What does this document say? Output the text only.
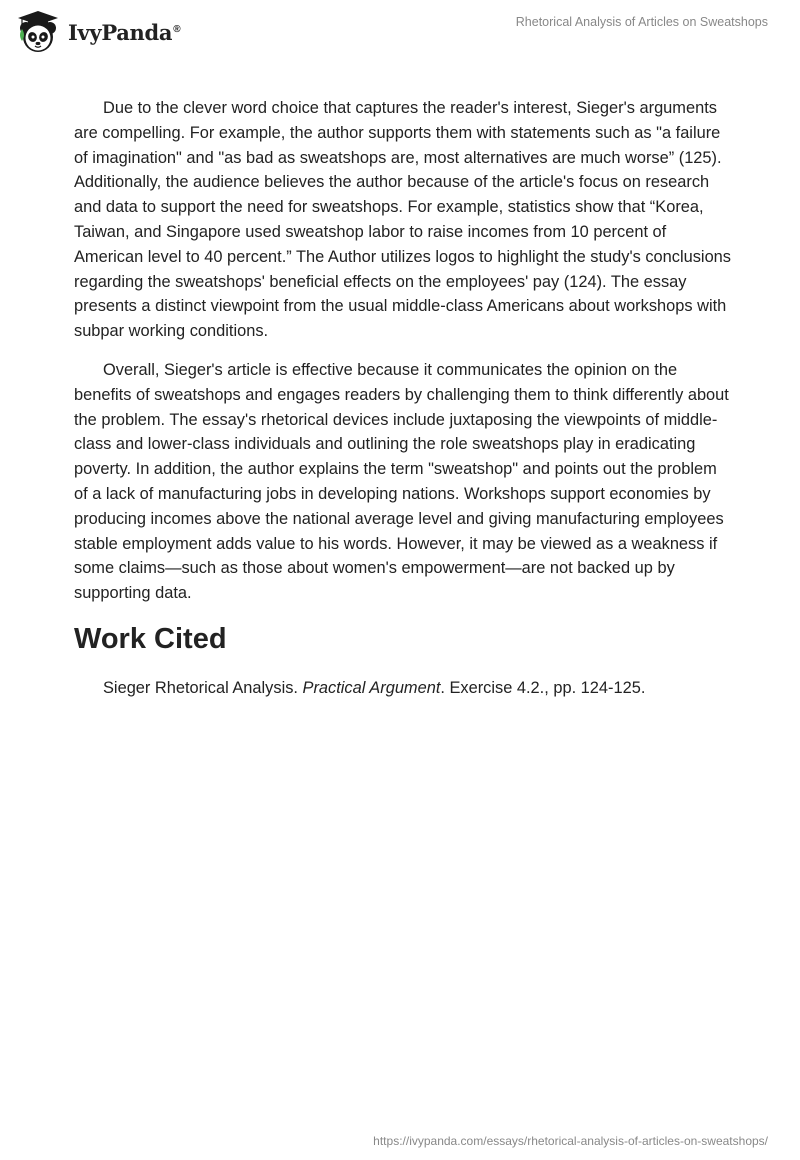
IvyPanda®	Rhetorical Analysis of Articles on Sweatshops

Due to the clever word choice that captures the reader's interest, Sieger's arguments are compelling. For example, the author supports them with statements such as "a failure of imagination" and "as bad as sweatshops are, most alternatives are much worse” (125). Additionally, the audience believes the author because of the article's focus on research and data to support the need for sweatshops. For example, statistics show that “Korea, Taiwan, and Singapore used sweatshop labor to raise incomes from 10 percent of American level to 40 percent.” The Author utilizes logos to highlight the study's conclusions regarding the sweatshops' beneficial effects on the employees' pay (124). The essay presents a distinct viewpoint from the usual middle-class Americans about workshops with subpar working conditions.

Overall, Sieger's article is effective because it communicates the opinion on the benefits of sweatshops and engages readers by challenging them to think differently about the problem. The essay's rhetorical devices include juxtaposing the viewpoints of middle-class and lower-class individuals and outlining the role sweatshops play in eradicating poverty. In addition, the author explains the term "sweatshop" and points out the problem of a lack of manufacturing jobs in developing nations. Workshops support economies by producing incomes above the national average level and giving manufacturing employees stable employment adds value to his words. However, it may be viewed as a weakness if some claims—such as those about women's empowerment—are not backed up by supporting data.

Work Cited

Sieger Rhetorical Analysis. Practical Argument. Exercise 4.2., pp. 124-125.

https://ivypanda.com/essays/rhetorical-analysis-of-articles-on-sweatshops/
